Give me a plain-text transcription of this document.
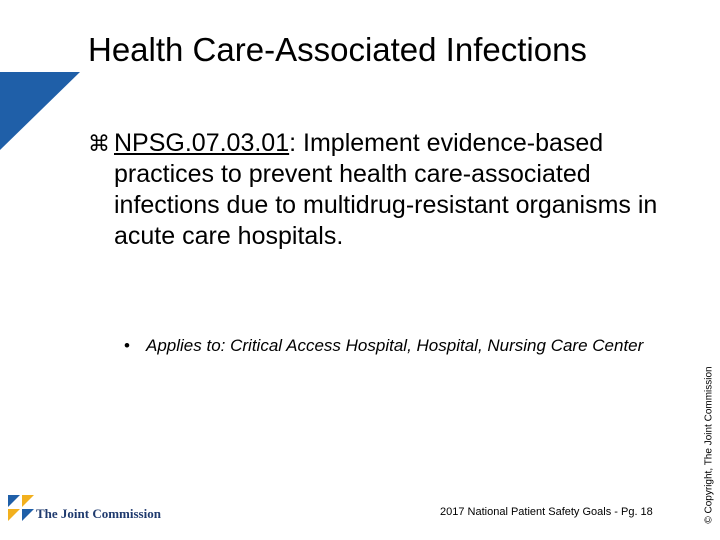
Health Care-Associated Infections
⌘ NPSG.07.03.01: Implement evidence-based practices to prevent health care-associated infections due to multidrug-resistant organisms in acute care hospitals.
• Applies to: Critical Access Hospital, Hospital, Nursing Care Center
© Copyright, The Joint Commission
The Joint Commission	2017 National Patient Safety Goals - Pg. 18
